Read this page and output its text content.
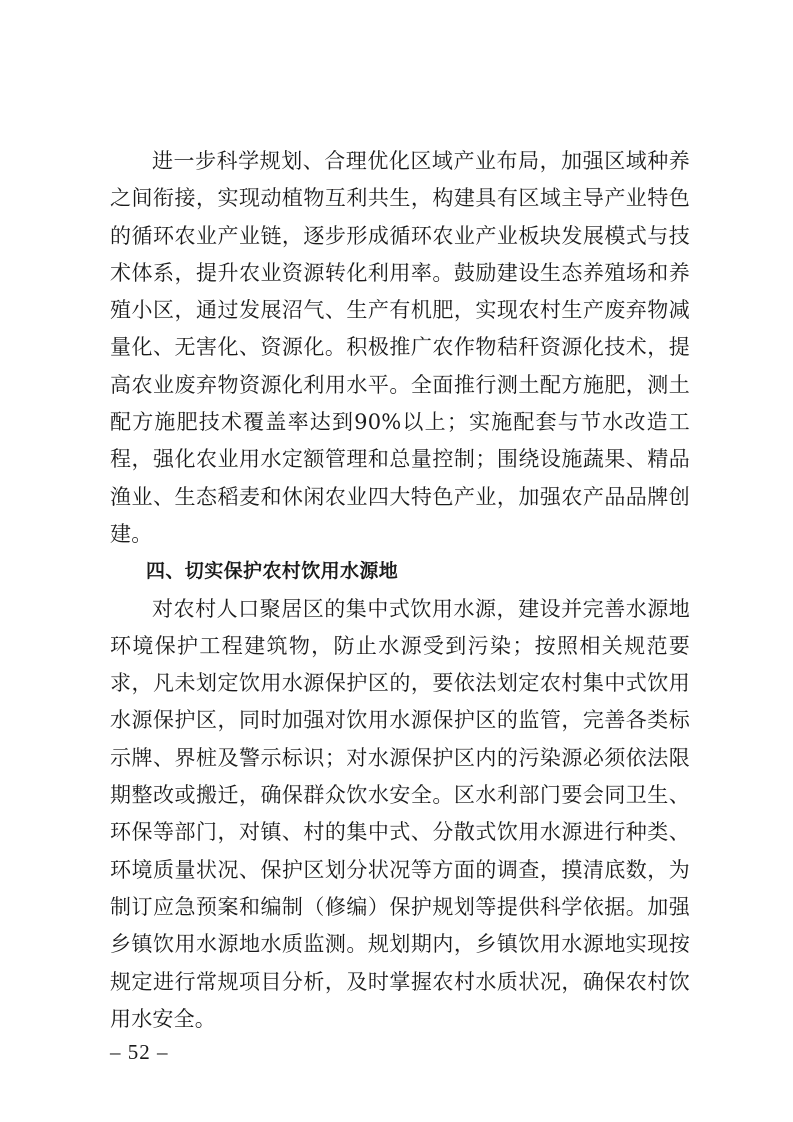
进一步科学规划、合理优化区域产业布局，加强区域种养之间衔接，实现动植物互利共生，构建具有区域主导产业特色的循环农业产业链，逐步形成循环农业产业板块发展模式与技术体系，提升农业资源转化利用率。鼓励建设生态养殖场和养殖小区，通过发展沼气、生产有机肥，实现农村生产废弃物减量化、无害化、资源化。积极推广农作物秸秆资源化技术，提高农业废弃物资源化利用水平。全面推行测土配方施肥，测土配方施肥技术覆盖率达到90%以上；实施配套与节水改造工程，强化农业用水定额管理和总量控制；围绕设施蔬果、精品渔业、生态稻麦和休闲农业四大特色产业，加强农产品品牌创建。

四、切实保护农村饮用水源地

对农村人口聚居区的集中式饮用水源，建设并完善水源地环境保护工程建筑物，防止水源受到污染；按照相关规范要求，凡未划定饮用水源保护区的，要依法划定农村集中式饮用水源保护区，同时加强对饮用水源保护区的监管，完善各类标示牌、界桩及警示标识；对水源保护区内的污染源必须依法限期整改或搬迁，确保群众饮水安全。区水利部门要会同卫生、环保等部门，对镇、村的集中式、分散式饮用水源进行种类、环境质量状况、保护区划分状况等方面的调查，摸清底数，为制订应急预案和编制（修编）保护规划等提供科学依据。加强乡镇饮用水源地水质监测。规划期内，乡镇饮用水源地实现按规定进行常规项目分析，及时掌握农村水质状况，确保农村饮用水安全。

– 52 –
